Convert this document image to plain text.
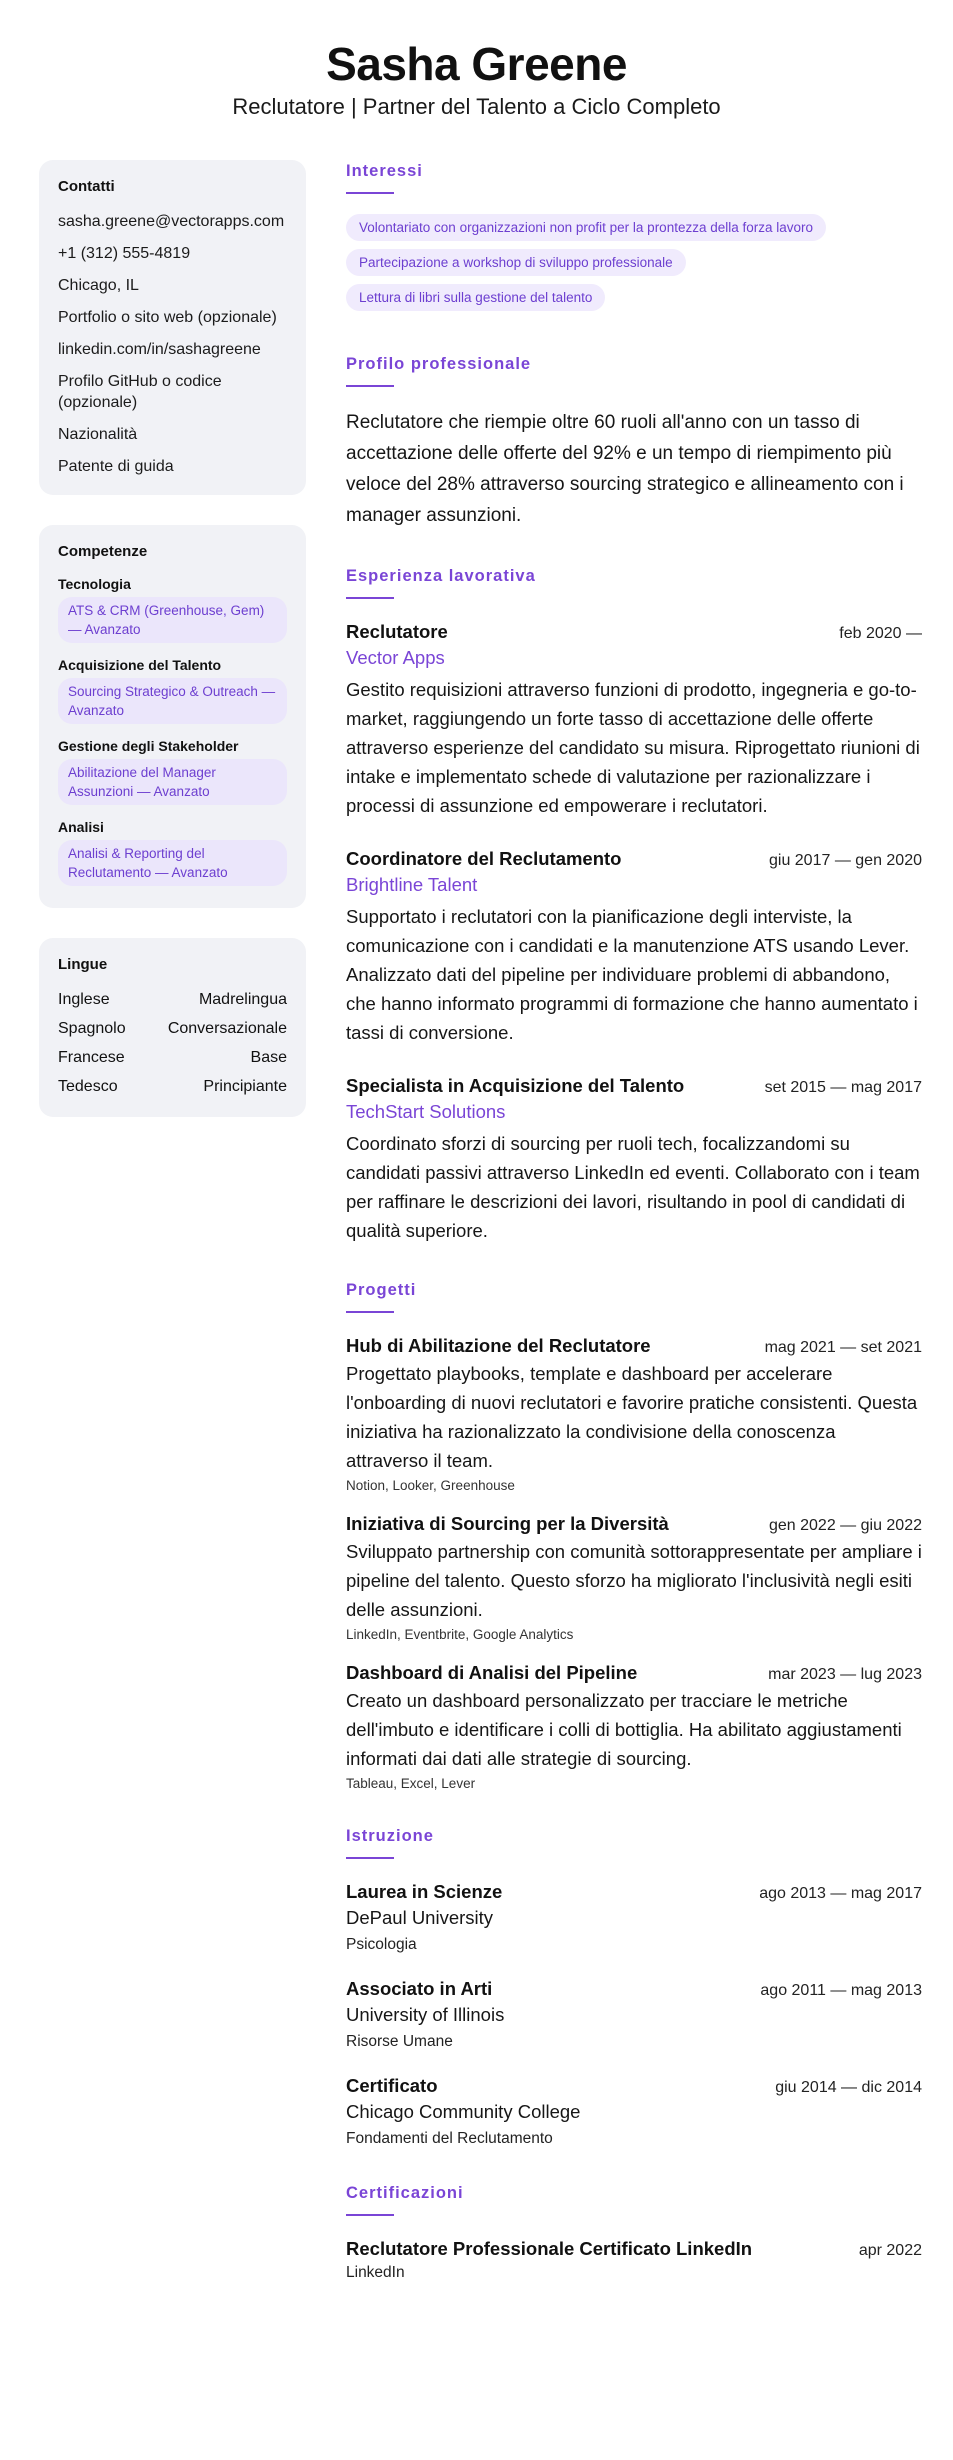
Sasha Greene
Reclutatore | Partner del Talento a Ciclo Completo
Contatti
sasha.greene@vectorapps.com
+1 (312) 555-4819
Chicago, IL
Portfolio o sito web (opzionale)
linkedin.com/in/sashagreene
Profilo GitHub o codice (opzionale)
Nazionalità
Patente di guida
Competenze
Tecnologia
ATS & CRM (Greenhouse, Gem) — Avanzato
Acquisizione del Talento
Sourcing Strategico & Outreach — Avanzato
Gestione degli Stakeholder
Abilitazione del Manager Assunzioni — Avanzato
Analisi
Analisi & Reporting del Reclutamento — Avanzato
Lingue
Inglese	Madrelingua
Spagnolo	Conversazionale
Francese	Base
Tedesco	Principiante
Interessi
Volontariato con organizzazioni non profit per la prontezza della forza lavoro
Partecipazione a workshop di sviluppo professionale
Lettura di libri sulla gestione del talento
Profilo professionale

Reclutatore che riempie oltre 60 ruoli all'anno con un tasso di accettazione delle offerte del 92% e un tempo di riempimento più veloce del 28% attraverso sourcing strategico e allineamento con i manager assunzioni.

Esperienza lavorativa
Reclutatore	feb 2020 —
Vector Apps

Gestito requisizioni attraverso funzioni di prodotto, ingegneria e go-to-market, raggiungendo un forte tasso di accettazione delle offerte attraverso esperienze del candidato su misura. Riprogettato riunioni di intake e implementato schede di valutazione per razionalizzare i processi di assunzione ed empowerare i reclutatori.

Coordinatore del Reclutamento	giu 2017 — gen 2020
Brightline Talent

Supportato i reclutatori con la pianificazione degli interviste, la comunicazione con i candidati e la manutenzione ATS usando Lever. Analizzato dati del pipeline per individuare problemi di abbandono, che hanno informato programmi di formazione che hanno aumentato i tassi di conversione.

Specialista in Acquisizione del Talento	set 2015 — mag 2017
TechStart Solutions

Coordinato sforzi di sourcing per ruoli tech, focalizzandomi su candidati passivi attraverso LinkedIn ed eventi. Collaborato con i team per raffinare le descrizioni dei lavori, risultando in pool di candidati di qualità superiore.

Progetti
Hub di Abilitazione del Reclutatore	mag 2021 — set 2021

Progettato playbooks, template e dashboard per accelerare l'onboarding di nuovi reclutatori e favorire pratiche consistenti. Questa iniziativa ha razionalizzato la condivisione della conoscenza attraverso il team.

Notion, Looker, Greenhouse
Iniziativa di Sourcing per la Diversità	gen 2022 — giu 2022

Sviluppato partnership con comunità sottorappresentate per ampliare i pipeline del talento. Questo sforzo ha migliorato l'inclusività negli esiti delle assunzioni.

LinkedIn, Eventbrite, Google Analytics
Dashboard di Analisi del Pipeline	mar 2023 — lug 2023

Creato un dashboard personalizzato per tracciare le metriche dell'imbuto e identificare i colli di bottiglia. Ha abilitato aggiustamenti informati dai dati alle strategie di sourcing.

Tableau, Excel, Lever
Istruzione
Laurea in Scienze	ago 2013 — mag 2017
DePaul University
Psicologia
Associato in Arti	ago 2011 — mag 2013
University of Illinois
Risorse Umane
Certificato	giu 2014 — dic 2014
Chicago Community College
Fondamenti del Reclutamento
Certificazioni
Reclutatore Professionale Certificato LinkedIn	apr 2022
LinkedIn
